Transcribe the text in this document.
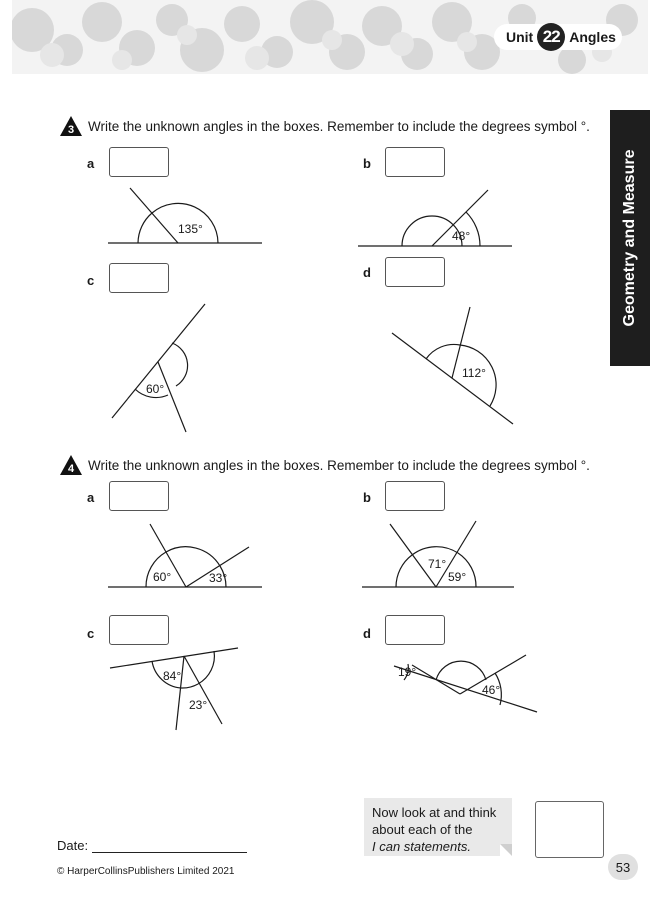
Unit 22 Angles
Geometry and Measure
3 Write the unknown angles in the boxes. Remember to include the degrees symbol °.
a	b
c
d
4 Write the unknown angles in the boxes. Remember to include the degrees symbol °.
a	b
c	d
135°	48°
60°
112°
60°	33°
71°
59°
84°
23°
19°
46°
Date:
© HarperCollinsPublishers Limited 2021
Now look at and think
about each of the
I can statements.
53
